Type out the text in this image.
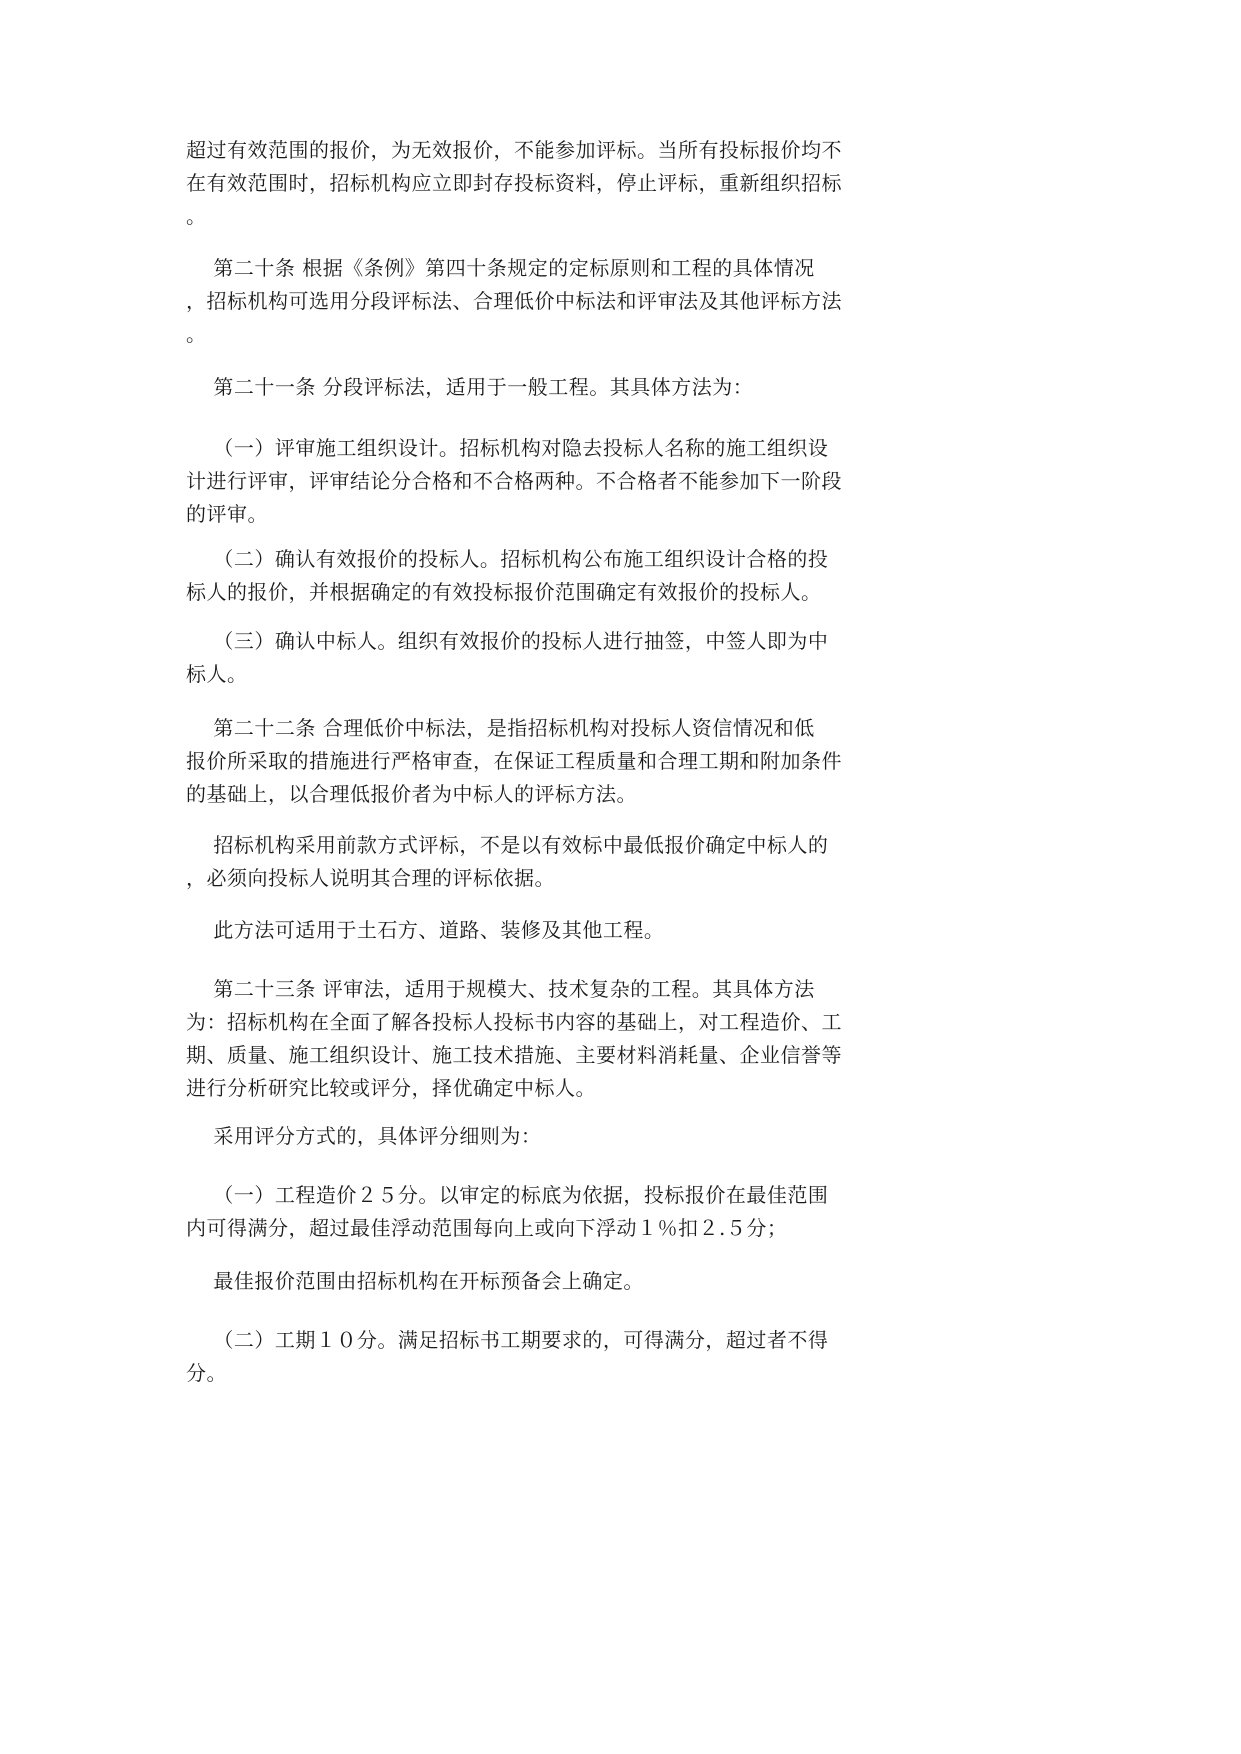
超过有效范围的报价，为无效报价，不能参加评标。当所有投标报价均不
在有效范围时，招标机构应立即封存投标资料，停止评标，重新组织招标
。

第二十条 根据《条例》第四十条规定的定标原则和工程的具体情况
，招标机构可选用分段评标法、合理低价中标法和评审法及其他评标方法
。

第二十一条 分段评标法，适用于一般工程。其具体方法为：

（一）评审施工组织设计。招标机构对隐去投标人名称的施工组织设
计进行评审，评审结论分合格和不合格两种。不合格者不能参加下一阶段
的评审。

（二）确认有效报价的投标人。招标机构公布施工组织设计合格的投
标人的报价，并根据确定的有效投标报价范围确定有效报价的投标人。

（三）确认中标人。组织有效报价的投标人进行抽签，中签人即为中
标人。

第二十二条 合理低价中标法，是指招标机构对投标人资信情况和低
报价所采取的措施进行严格审查，在保证工程质量和合理工期和附加条件
的基础上，以合理低报价者为中标人的评标方法。

招标机构采用前款方式评标，不是以有效标中最低报价确定中标人的
，必须向投标人说明其合理的评标依据。

此方法可适用于土石方、道路、装修及其他工程。

第二十三条 评审法，适用于规模大、技术复杂的工程。其具体方法
为：招标机构在全面了解各投标人投标书内容的基础上，对工程造价、工
期、质量、施工组织设计、施工技术措施、主要材料消耗量、企业信誉等
进行分析研究比较或评分，择优确定中标人。

采用评分方式的，具体评分细则为：

（一）工程造价２５分。以审定的标底为依据，投标报价在最佳范围
内可得满分，超过最佳浮动范围每向上或向下浮动１％扣２.５分；

最佳报价范围由招标机构在开标预备会上确定。

（二）工期１０分。满足招标书工期要求的，可得满分，超过者不得
分。
